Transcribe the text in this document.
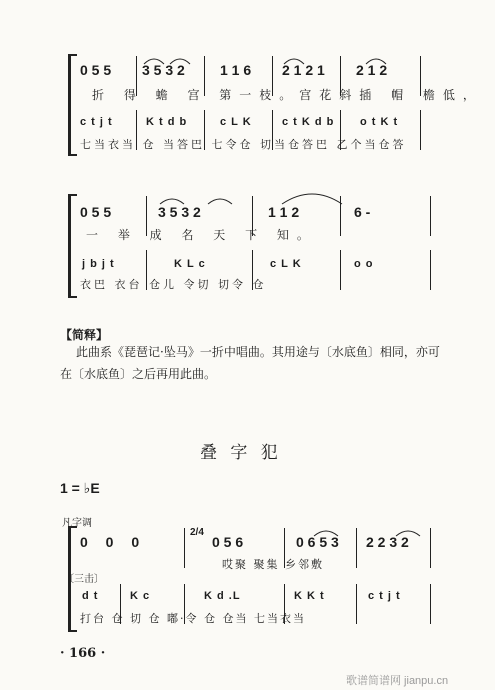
0 5 5 3 5 3 2	1 1 6 2 1 2 1 2 1 2
折 得 蟾 宫 第一枝。宫花斜插 帽 檐低，
c t j t	K t d b	c L K	c t K d b o t K t
七当衣当 仓 当答巴 七令仓 切当仓答巴 乙个当仓答
0 5 5	3 5 3 2	1 1 2	6 -
一 举 成 名 天 下 知。
j b j t	K L c	c L K	o o
衣巴 衣台 仓儿 令切 切令 仓
【简释】
此曲系《琵琶记·坠马》一折中唱曲。其用途与〔水底鱼〕相同，亦可
在〔水底鱼〕之后再用此曲。
叠 字 犯
1 = ♭E
凡字调
0 0 0
2/4
0 5 6	0 6 5 3 2 2 3 2
哎聚 聚集 乡邻敷
〔三击〕
d t	K c	K d .L	K K t	c t j t
打台 仓 切 仓 嘟·令 仓 仓当 七当衣当
· 166 ·
歌谱简谱网 jianpu.cn
